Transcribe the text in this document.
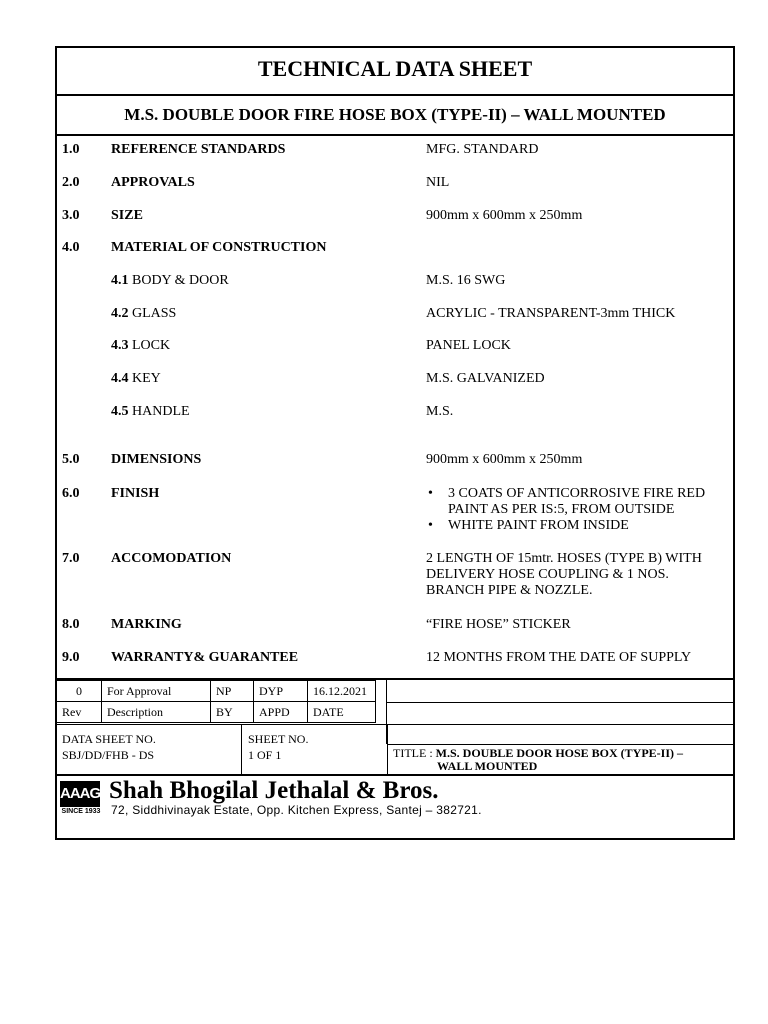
TECHNICAL DATA SHEET
M.S. DOUBLE DOOR FIRE HOSE BOX (TYPE-II) – WALL MOUNTED
1.0 REFERENCE STANDARDS	MFG. STANDARD
2.0 APPROVALS	NIL
3.0 SIZE	900mm x 600mm x 250mm
4.0 MATERIAL OF CONSTRUCTION
4.1 BODY & DOOR	M.S. 16 SWG
4.2 GLASS	ACRYLIC - TRANSPARENT-3mm THICK
4.3 LOCK	PANEL LOCK
4.4 KEY	M.S. GALVANIZED
4.5 HANDLE	M.S.
5.0 DIMENSIONS	900mm x 600mm x 250mm
6.0 FINISH	• 3 COATS OF ANTICORROSIVE FIRE RED PAINT AS PER IS:5, FROM OUTSIDE
• WHITE PAINT FROM INSIDE
7.0 ACCOMODATION	2 LENGTH OF 15mtr. HOSES (TYPE B) WITH DELIVERY HOSE COUPLING & 1 NOS. BRANCH PIPE & NOZZLE.
8.0 MARKING	“FIRE HOSE” STICKER
9.0 WARRANTY& GUARANTEE	12 MONTHS FROM THE DATE OF SUPPLY
0	For Approval	NP	DYP	16.12.2021
Rev	Description	BY	APPD	DATE
DATA SHEET NO.
SBJ/DD/FHB - DS
SHEET NO.
1 OF 1	TITLE : M.S. DOUBLE DOOR HOSE BOX (TYPE-II) –
WALL MOUNTED
AAAG
SINCE 1933
Shah Bhogilal Jethalal & Bros.
72, Siddhivinayak Estate, Opp. Kitchen Express, Santej – 382721.
